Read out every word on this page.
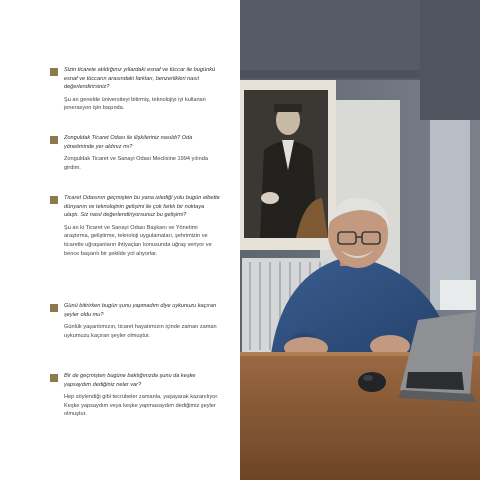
Sizin ticarete atıldığınız yıllardaki esnaf ve tüccar ile bugünkü esnaf ve tüccarın arasındaki farkları, benzerlikleri nasıl değerlendirirsiniz?

Şu an genelde üniversiteyi bitirmiş, teknolojiyi iyi kullanan jenerasyon işin başında.

Zonguldak Ticaret Odası ile ilişkileriniz nasıldı? Oda yönetiminde yer aldınız mı?

Zonguldak Ticaret ve Sanayi Odası Meclisine 1994 yılında girdim.

Ticaret Odasının geçmişten bu yana izlediği yolu bugün elbette dünyanın ve teknolojinin gelişimi ile çok farklı bir noktaya ulaştı. Siz nasıl değerlendiriyorsunuz bu gelişimi?

Şu an ki Ticaret ve Sanayi Odası Başkanı ve Yönetimi araştırma, geliştirme, teknoloji uygulamaları, şehrimizin ve ticaretle uğraşanların ihtiyaçları konusunda uğraş veriyor ve bence başarılı bir şekilde yol alıyorlar.

Günü bitirirken bugün şunu yapmadım diye uykunuzu kaçıran şeyler oldu mu?

Günlük yaşantımızın, ticaret hayatımızın içinde zaman zaman uykumuzu kaçıran şeyler olmuştur.

Bir de geçmişten bugüne baktığınızda şunu da keşke yapsaydım dediğiniz neler var?

Hep söylendiği gibi tecrübeler zamanla, yaşayarak kazanılıyor. Keşke yapsaydım veya keşke yapmasaydım dediğimiz şeyler olmuştur.
